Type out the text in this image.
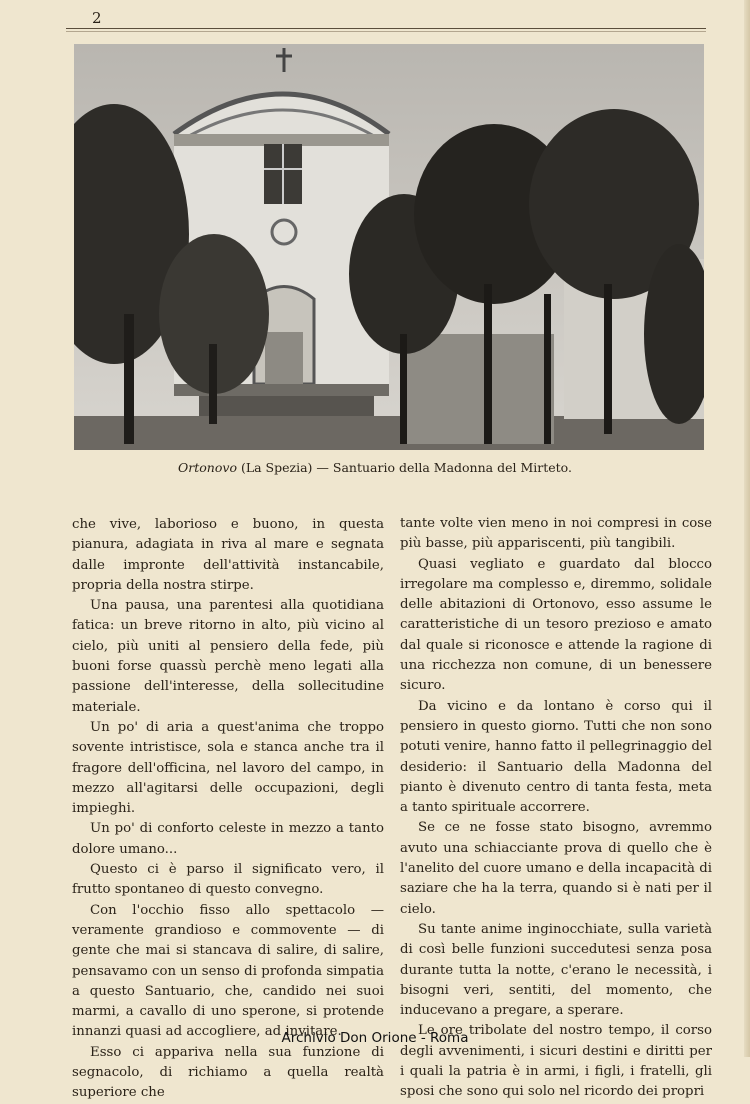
2
Ortonovo (La Spezia) — Santuario della Madonna del Mirteto.

che vive, laborioso e buono, in questa pianura, adagiata in riva al mare e segnata dalle impronte dell'attività instancabile, propria della nostra stirpe.

Una pausa, una parentesi alla quotidiana fatica: un breve ritorno in alto, più vicino al cielo, più uniti al pensiero della fede, più buoni forse quassù perchè meno legati alla passione dell'interesse, della sollecitudine materiale.

Un po' di aria a quest'anima che troppo sovente intristisce, sola e stanca anche tra il fragore dell'officina, nel lavoro del campo, in mezzo all'agitarsi delle occupazioni, degli impieghi.

Un po' di conforto celeste in mezzo a tanto dolore umano...

Questo ci è parso il significato vero, il frutto spontaneo di questo convegno.

Con l'occhio fisso allo spettacolo — veramente grandioso e commovente — di gente che mai si stancava di salire, di salire, pensavamo con un senso di profonda simpatia a questo Santuario, che, candido nei suoi marmi, a cavallo di uno sperone, si protende innanzi quasi ad accogliere, ad invitare.

Esso ci appariva nella sua funzione di segnacolo, di richiamo a quella realtà superiore che

tante volte vien meno in noi compresi in cose più basse, più appariscenti, più tangibili.

Quasi vegliato e guardato dal blocco irregolare ma complesso e, diremmo, solidale delle abitazioni di Ortonovo, esso assume le caratteristiche di un tesoro prezioso e amato dal quale si riconosce e attende la ragione di una ricchezza non comune, di un benessere sicuro.

Da vicino e da lontano è corso qui il pensiero in questo giorno. Tutti che non sono potuti venire, hanno fatto il pellegrinaggio del desiderio: il Santuario della Madonna del pianto è divenuto centro di tanta festa, meta a tanto spirituale accorrere.

Se ce ne fosse stato bisogno, avremmo avuto una schiacciante prova di quello che è l'anelito del cuore umano e della incapacità di saziare che ha la terra, quando si è nati per il cielo.

Su tante anime inginocchiate, sulla varietà di così belle funzioni succedutesi senza posa durante tutta la notte, c'erano le necessità, i bisogni veri, sentiti, del momento, che inducevano a pregare, a sperare.

Le ore tribolate del nostro tempo, il corso degli avvenimenti, i sicuri destini e diritti per i quali la patria è in armi, i figli, i fratelli, gli sposi che sono qui solo nel ricordo dei propri

Archivio Don Orione - Roma
